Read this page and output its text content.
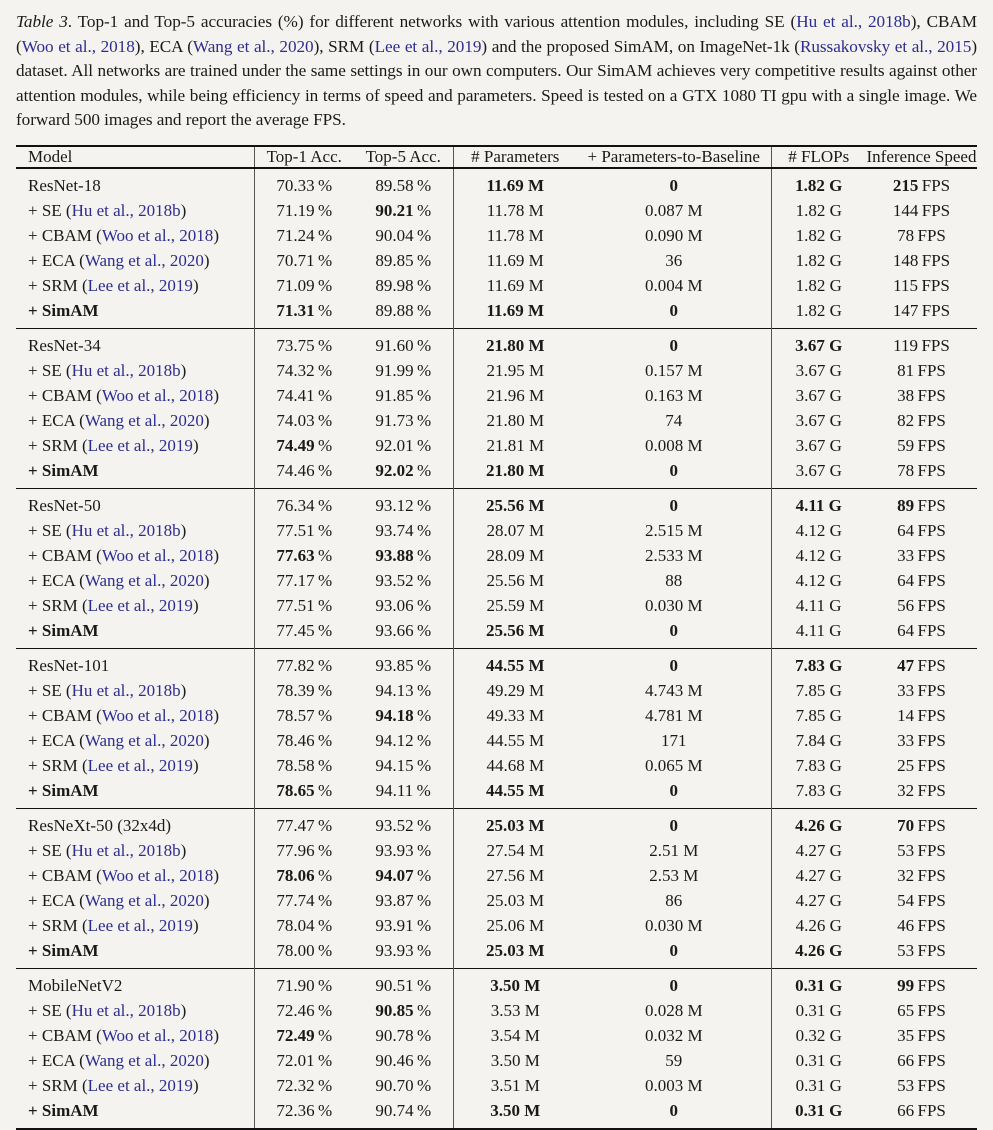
Table 3. Top-1 and Top-5 accuracies (%) for different networks with various attention modules, including SE (Hu et al., 2018b), CBAM (Woo et al., 2018), ECA (Wang et al., 2020), SRM (Lee et al., 2019) and the proposed SimAM, on ImageNet-1k (Russakovsky et al., 2015) dataset. All networks are trained under the same settings in our own computers. Our SimAM achieves very competitive results against other attention modules, while being efficiency in terms of speed and parameters. Speed is tested on a GTX 1080 TI gpu with a single image. We forward 500 images and report the average FPS.

Model	Top-1 Acc.	Top-5 Acc.	# Parameters	+ Parameters-to-Baseline	# FLOPs	Inference Speed
ResNet-18	70.33 %	89.58 %	11.69 M	0	1.82 G	215 FPS
+ SE (Hu et al., 2018b)	71.19 %	90.21 %	11.78 M	0.087 M	1.82 G	144 FPS
+ CBAM (Woo et al., 2018)	71.24 %	90.04 %	11.78 M	0.090 M	1.82 G	78 FPS
+ ECA (Wang et al., 2020)	70.71 %	89.85 %	11.69 M	36	1.82 G	148 FPS
+ SRM (Lee et al., 2019)	71.09 %	89.98 %	11.69 M	0.004 M	1.82 G	115 FPS
+ SimAM	71.31 %	89.88 %	11.69 M	0	1.82 G	147 FPS
ResNet-34	73.75 %	91.60 %	21.80 M	0	3.67 G	119 FPS
+ SE (Hu et al., 2018b)	74.32 %	91.99 %	21.95 M	0.157 M	3.67 G	81 FPS
+ CBAM (Woo et al., 2018)	74.41 %	91.85 %	21.96 M	0.163 M	3.67 G	38 FPS
+ ECA (Wang et al., 2020)	74.03 %	91.73 %	21.80 M	74	3.67 G	82 FPS
+ SRM (Lee et al., 2019)	74.49 %	92.01 %	21.81 M	0.008 M	3.67 G	59 FPS
+ SimAM	74.46 %	92.02 %	21.80 M	0	3.67 G	78 FPS
ResNet-50	76.34 %	93.12 %	25.56 M	0	4.11 G	89 FPS
+ SE (Hu et al., 2018b)	77.51 %	93.74 %	28.07 M	2.515 M	4.12 G	64 FPS
+ CBAM (Woo et al., 2018)	77.63 %	93.88 %	28.09 M	2.533 M	4.12 G	33 FPS
+ ECA (Wang et al., 2020)	77.17 %	93.52 %	25.56 M	88	4.12 G	64 FPS
+ SRM (Lee et al., 2019)	77.51 %	93.06 %	25.59 M	0.030 M	4.11 G	56 FPS
+ SimAM	77.45 %	93.66 %	25.56 M	0	4.11 G	64 FPS
ResNet-101	77.82 %	93.85 %	44.55 M	0	7.83 G	47 FPS
+ SE (Hu et al., 2018b)	78.39 %	94.13 %	49.29 M	4.743 M	7.85 G	33 FPS
+ CBAM (Woo et al., 2018)	78.57 %	94.18 %	49.33 M	4.781 M	7.85 G	14 FPS
+ ECA (Wang et al., 2020)	78.46 %	94.12 %	44.55 M	171	7.84 G	33 FPS
+ SRM (Lee et al., 2019)	78.58 %	94.15 %	44.68 M	0.065 M	7.83 G	25 FPS
+ SimAM	78.65 %	94.11 %	44.55 M	0	7.83 G	32 FPS
ResNeXt-50 (32x4d)	77.47 %	93.52 %	25.03 M	0	4.26 G	70 FPS
+ SE (Hu et al., 2018b)	77.96 %	93.93 %	27.54 M	2.51 M	4.27 G	53 FPS
+ CBAM (Woo et al., 2018)	78.06 %	94.07 %	27.56 M	2.53 M	4.27 G	32 FPS
+ ECA (Wang et al., 2020)	77.74 %	93.87 %	25.03 M	86	4.27 G	54 FPS
+ SRM (Lee et al., 2019)	78.04 %	93.91 %	25.06 M	0.030 M	4.26 G	46 FPS
+ SimAM	78.00 %	93.93 %	25.03 M	0	4.26 G	53 FPS
MobileNetV2	71.90 %	90.51 %	3.50 M	0	0.31 G	99 FPS
+ SE (Hu et al., 2018b)	72.46 %	90.85 %	3.53 M	0.028 M	0.31 G	65 FPS
+ CBAM (Woo et al., 2018)	72.49 %	90.78 %	3.54 M	0.032 M	0.32 G	35 FPS
+ ECA (Wang et al., 2020)	72.01 %	90.46 %	3.50 M	59	0.31 G	66 FPS
+ SRM (Lee et al., 2019)	72.32 %	90.70 %	3.51 M	0.003 M	0.31 G	53 FPS
+ SimAM	72.36 %	90.74 %	3.50 M	0	0.31 G	66 FPS
